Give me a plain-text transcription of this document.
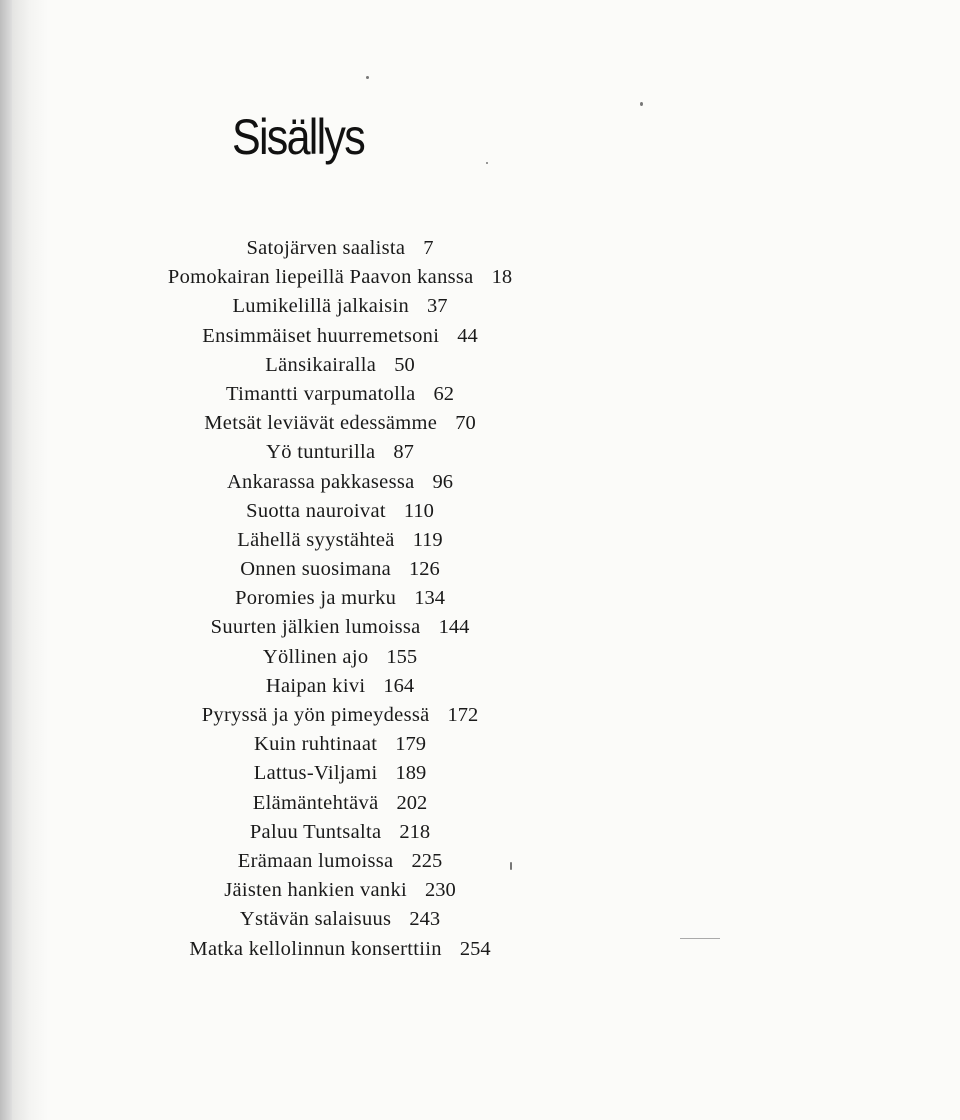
Sisällys
Satojärven saalista 7
Pomokairan liepeillä Paavon kanssa 18
Lumikelillä jalkaisin 37
Ensimmäiset huurremetsoni 44
Länsikairalla 50
Timantti varpumatolla 62
Metsät leviävät edessämme 70
Yö tunturilla 87
Ankarassa pakkasessa 96
Suotta nauroivat 110
Lähellä syystähteä 119
Onnen suosimana 126
Poromies ja murku 134
Suurten jälkien lumoissa 144
Yöllinen ajo 155
Haipan kivi 164
Pyryssä ja yön pimeydessä 172
Kuin ruhtinaat 179
Lattus-Viljami 189
Elämäntehtävä 202
Paluu Tuntsalta 218
Erämaan lumoissa 225
Jäisten hankien vanki 230
Ystävän salaisuus 243
Matka kellolinnun konserttiin 254
